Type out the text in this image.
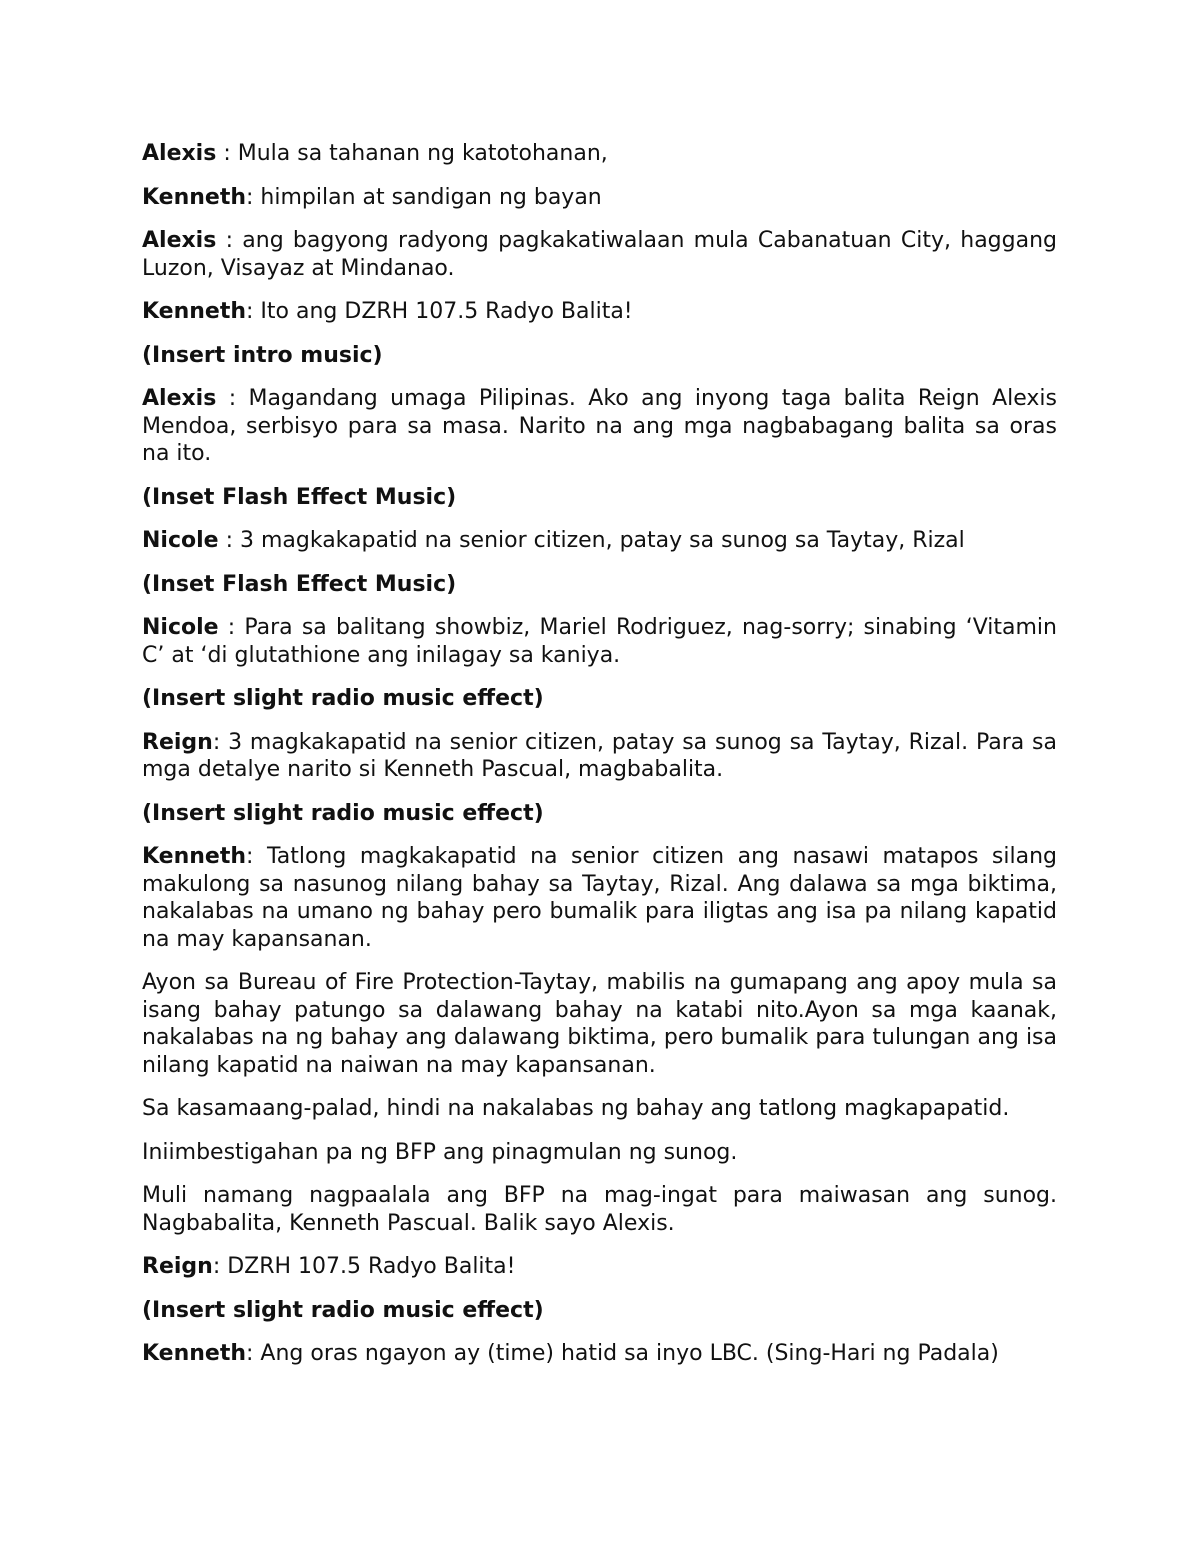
Alexis : Mula sa tahanan ng katotohanan,

Kenneth: himpilan at sandigan ng bayan

Alexis : ang bagyong radyong pagkakatiwalaan mula Cabanatuan City, haggang Luzon, Visayaz at Mindanao.

Kenneth: Ito ang DZRH 107.5 Radyo Balita!

(Insert intro music)

Alexis : Magandang umaga Pilipinas. Ako ang inyong taga balita Reign Alexis Mendoa, serbisyo para sa masa. Narito na ang mga nagbabagang balita sa oras na ito.

(Inset Flash Effect Music)

Nicole : 3 magkakapatid na senior citizen, patay sa sunog sa Taytay, Rizal

(Inset Flash Effect Music)

Nicole : Para sa balitang showbiz, Mariel Rodriguez, nag-sorry; sinabing ‘Vitamin C’ at ‘di glutathione ang inilagay sa kaniya.

(Insert slight radio music effect)

Reign: 3 magkakapatid na senior citizen, patay sa sunog sa Taytay, Rizal. Para sa mga detalye narito si Kenneth Pascual, magbabalita.

(Insert slight radio music effect)

Kenneth: Tatlong magkakapatid na senior citizen ang nasawi matapos silang makulong sa nasunog nilang bahay sa Taytay, Rizal. Ang dalawa sa mga biktima, nakalabas na umano ng bahay pero bumalik para iligtas ang isa pa nilang kapatid na may kapansanan.

Ayon sa Bureau of Fire Protection-Taytay, mabilis na gumapang ang apoy mula sa isang bahay patungo sa dalawang bahay na katabi nito.Ayon sa mga kaanak, nakalabas na ng bahay ang dalawang biktima, pero bumalik para tulungan ang isa nilang kapatid na naiwan na may kapansanan.

Sa kasamaang-palad, hindi na nakalabas ng bahay ang tatlong magkapapatid.

Iniimbestigahan pa ng BFP ang pinagmulan ng sunog.

Muli namang nagpaalala ang BFP na mag-ingat para maiwasan ang sunog. Nagbabalita, Kenneth Pascual. Balik sayo Alexis.

Reign: DZRH 107.5 Radyo Balita!

(Insert slight radio music effect)

Kenneth: Ang oras ngayon ay (time) hatid sa inyo LBC. (Sing-Hari ng Padala)
